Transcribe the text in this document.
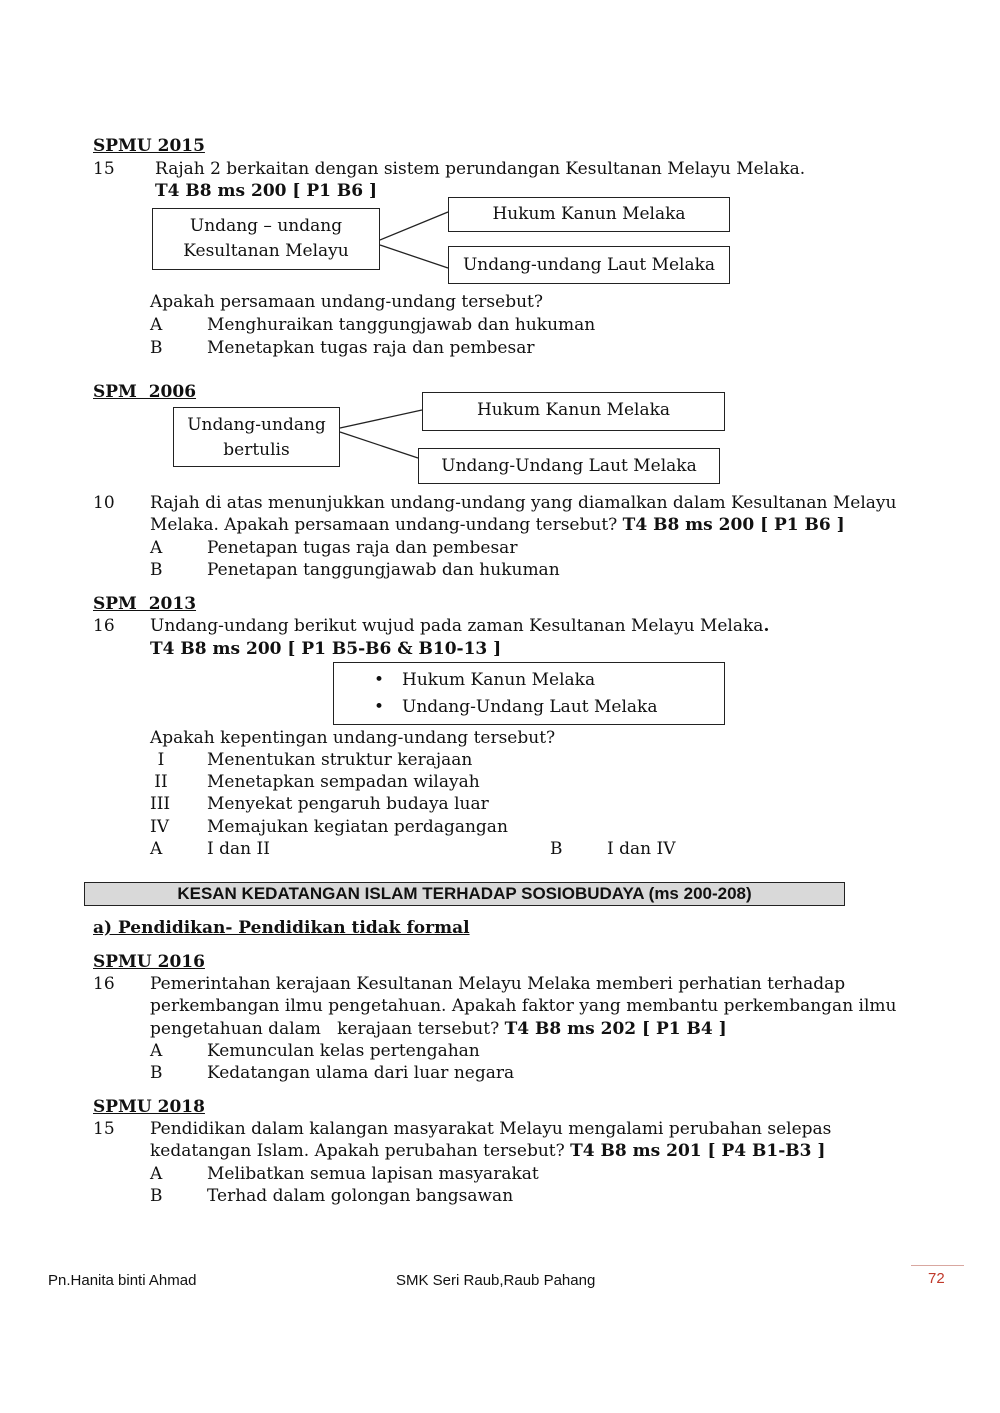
SPMU 2015
15 Rajah 2 berkaitan dengan sistem perundangan Kesultanan Melayu Melaka.
T4 B8 ms 200 [ P1 B6 ]
Undang – undang
Kesultanan Melayu
Hukum Kanun Melaka
Undang-undang Laut Melaka
Apakah persamaan undang-undang tersebut?
A	Menghuraikan tanggungjawab dan hukuman
B	Menetapkan tugas raja dan pembesar
SPM  2006
Undang-undang
bertulis
Hukum Kanun Melaka
Undang-Undang Laut Melaka
10 Rajah di atas menunjukkan undang-undang yang diamalkan dalam Kesultanan Melayu
Melaka. Apakah persamaan undang-undang tersebut? T4 B8 ms 200 [ P1 B6 ]
A	Penetapan tugas raja dan pembesar
B	Penetapan tanggungjawab dan hukuman
SPM  2013
16 Undang-undang berikut wujud pada zaman Kesultanan Melayu Melaka.
T4 B8 ms 200 [ P1 B5-B6 & B10-13 ]
• Hukum Kanun Melaka
• Undang-Undang Laut Melaka
Apakah kepentingan undang-undang tersebut?
I	Menentukan struktur kerajaan
II Menetapkan sempadan wilayah
III Menyekat pengaruh budaya luar
IV Memajukan kegiatan perdagangan
A	I dan II	B	I dan IV
KESAN KEDATANGAN ISLAM TERHADAP SOSIOBUDAYA (ms 200-208)
a) Pendidikan- Pendidikan tidak formal
SPMU 2016
16 Pemerintahan kerajaan Kesultanan Melayu Melaka memberi perhatian terhadap
perkembangan ilmu pengetahuan. Apakah faktor yang membantu perkembangan ilmu
pengetahuan dalam   kerajaan tersebut? T4 B8 ms 202 [ P1 B4 ]
A	Kemunculan kelas pertengahan
B	Kedatangan ulama dari luar negara
SPMU 2018
15 Pendidikan dalam kalangan masyarakat Melayu mengalami perubahan selepas
kedatangan Islam. Apakah perubahan tersebut? T4 B8 ms 201 [ P4 B1-B3 ]
A	Melibatkan semua lapisan masyarakat
B	Terhad dalam golongan bangsawan
Pn.Hanita binti Ahmad	SMK Seri Raub,Raub Pahang	72
